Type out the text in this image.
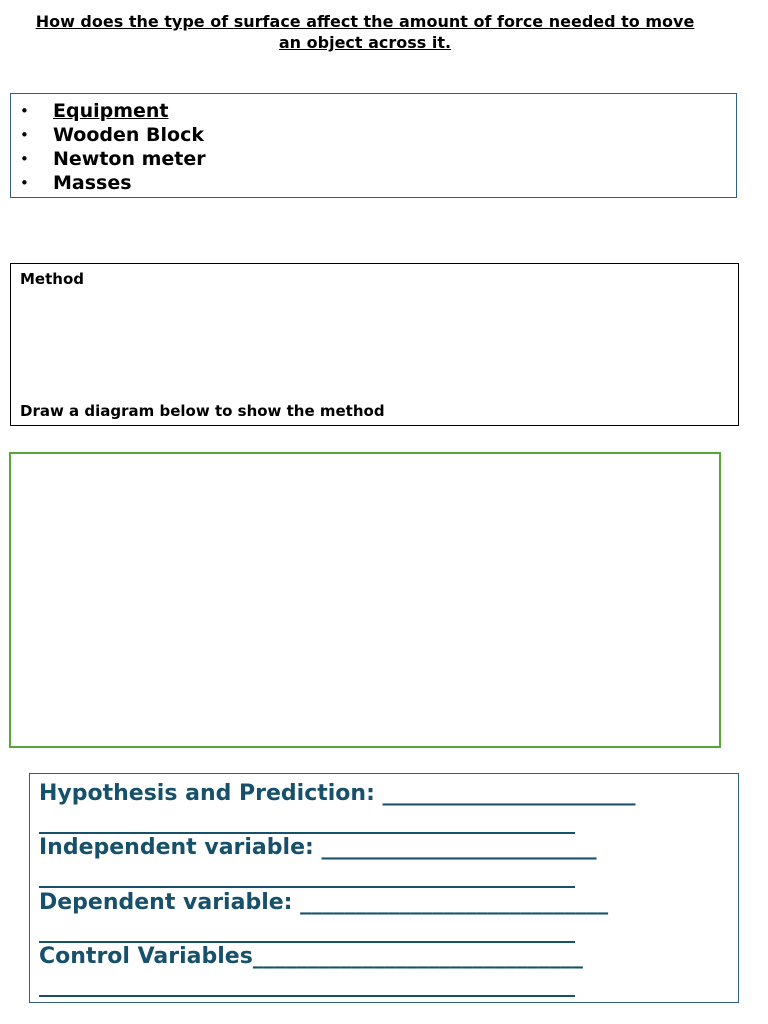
How does the type of surface affect the amount of force needed to move an object across it.
• Equipment
• Wooden Block
• Newton meter
• Masses
Method
Draw a diagram below to show the method
Hypothesis and Prediction: _______________________
Independent variable: _________________________
Dependent variable: ____________________________
Control Variables______________________________
